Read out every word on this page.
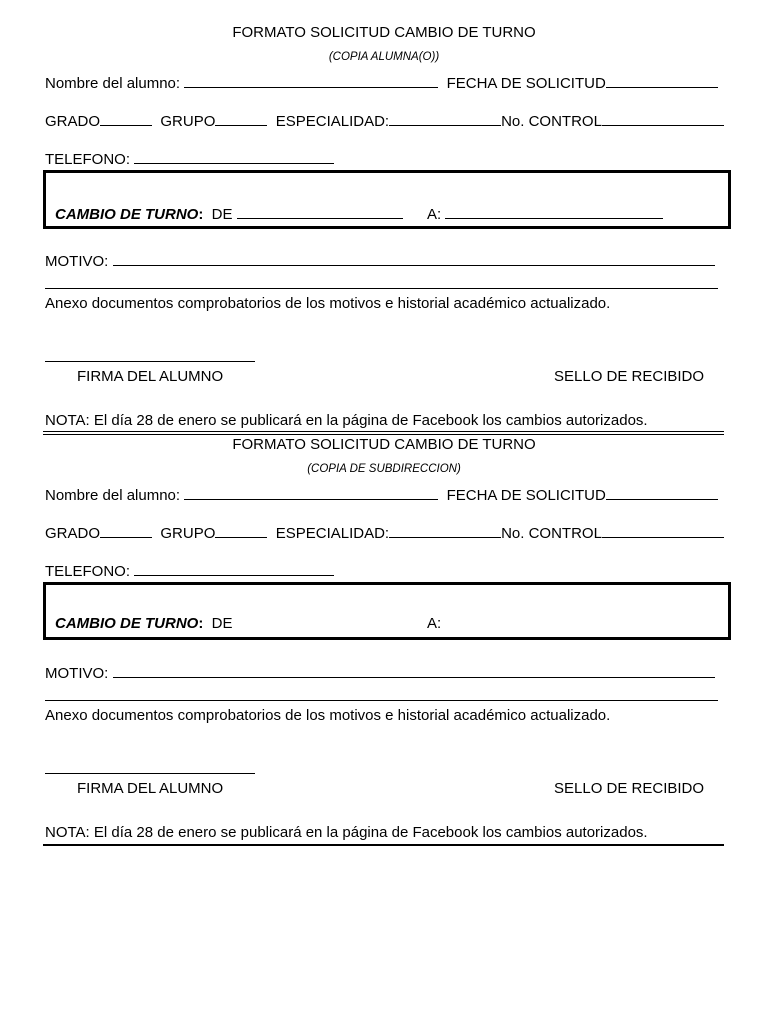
FORMATO SOLICITUD CAMBIO DE TURNO
(COPIA ALUMNA(O))
Nombre del alumno:	FECHA DE SOLICITUD
GRADO	GRUPO	ESPECIALIDAD:	No. CONTROL
TELEFONO:
CAMBIO DE TURNO: DE	A:
MOTIVO:
Anexo documentos comprobatorios de los motivos e historial académico actualizado.
FIRMA DEL ALUMNO	SELLO DE RECIBIDO
NOTA: El día 28 de enero se publicará en la página de Facebook los cambios autorizados.
FORMATO SOLICITUD CAMBIO DE TURNO
(COPIA DE SUBDIRECCION)
Nombre del alumno:	FECHA DE SOLICITUD
GRADO	GRUPO	ESPECIALIDAD:	No. CONTROL
TELEFONO:
CAMBIO DE TURNO: DE	A:
MOTIVO:
Anexo documentos comprobatorios de los motivos e historial académico actualizado.
FIRMA DEL ALUMNO	SELLO DE RECIBIDO
NOTA: El día 28 de enero se publicará en la página de Facebook los cambios autorizados.
